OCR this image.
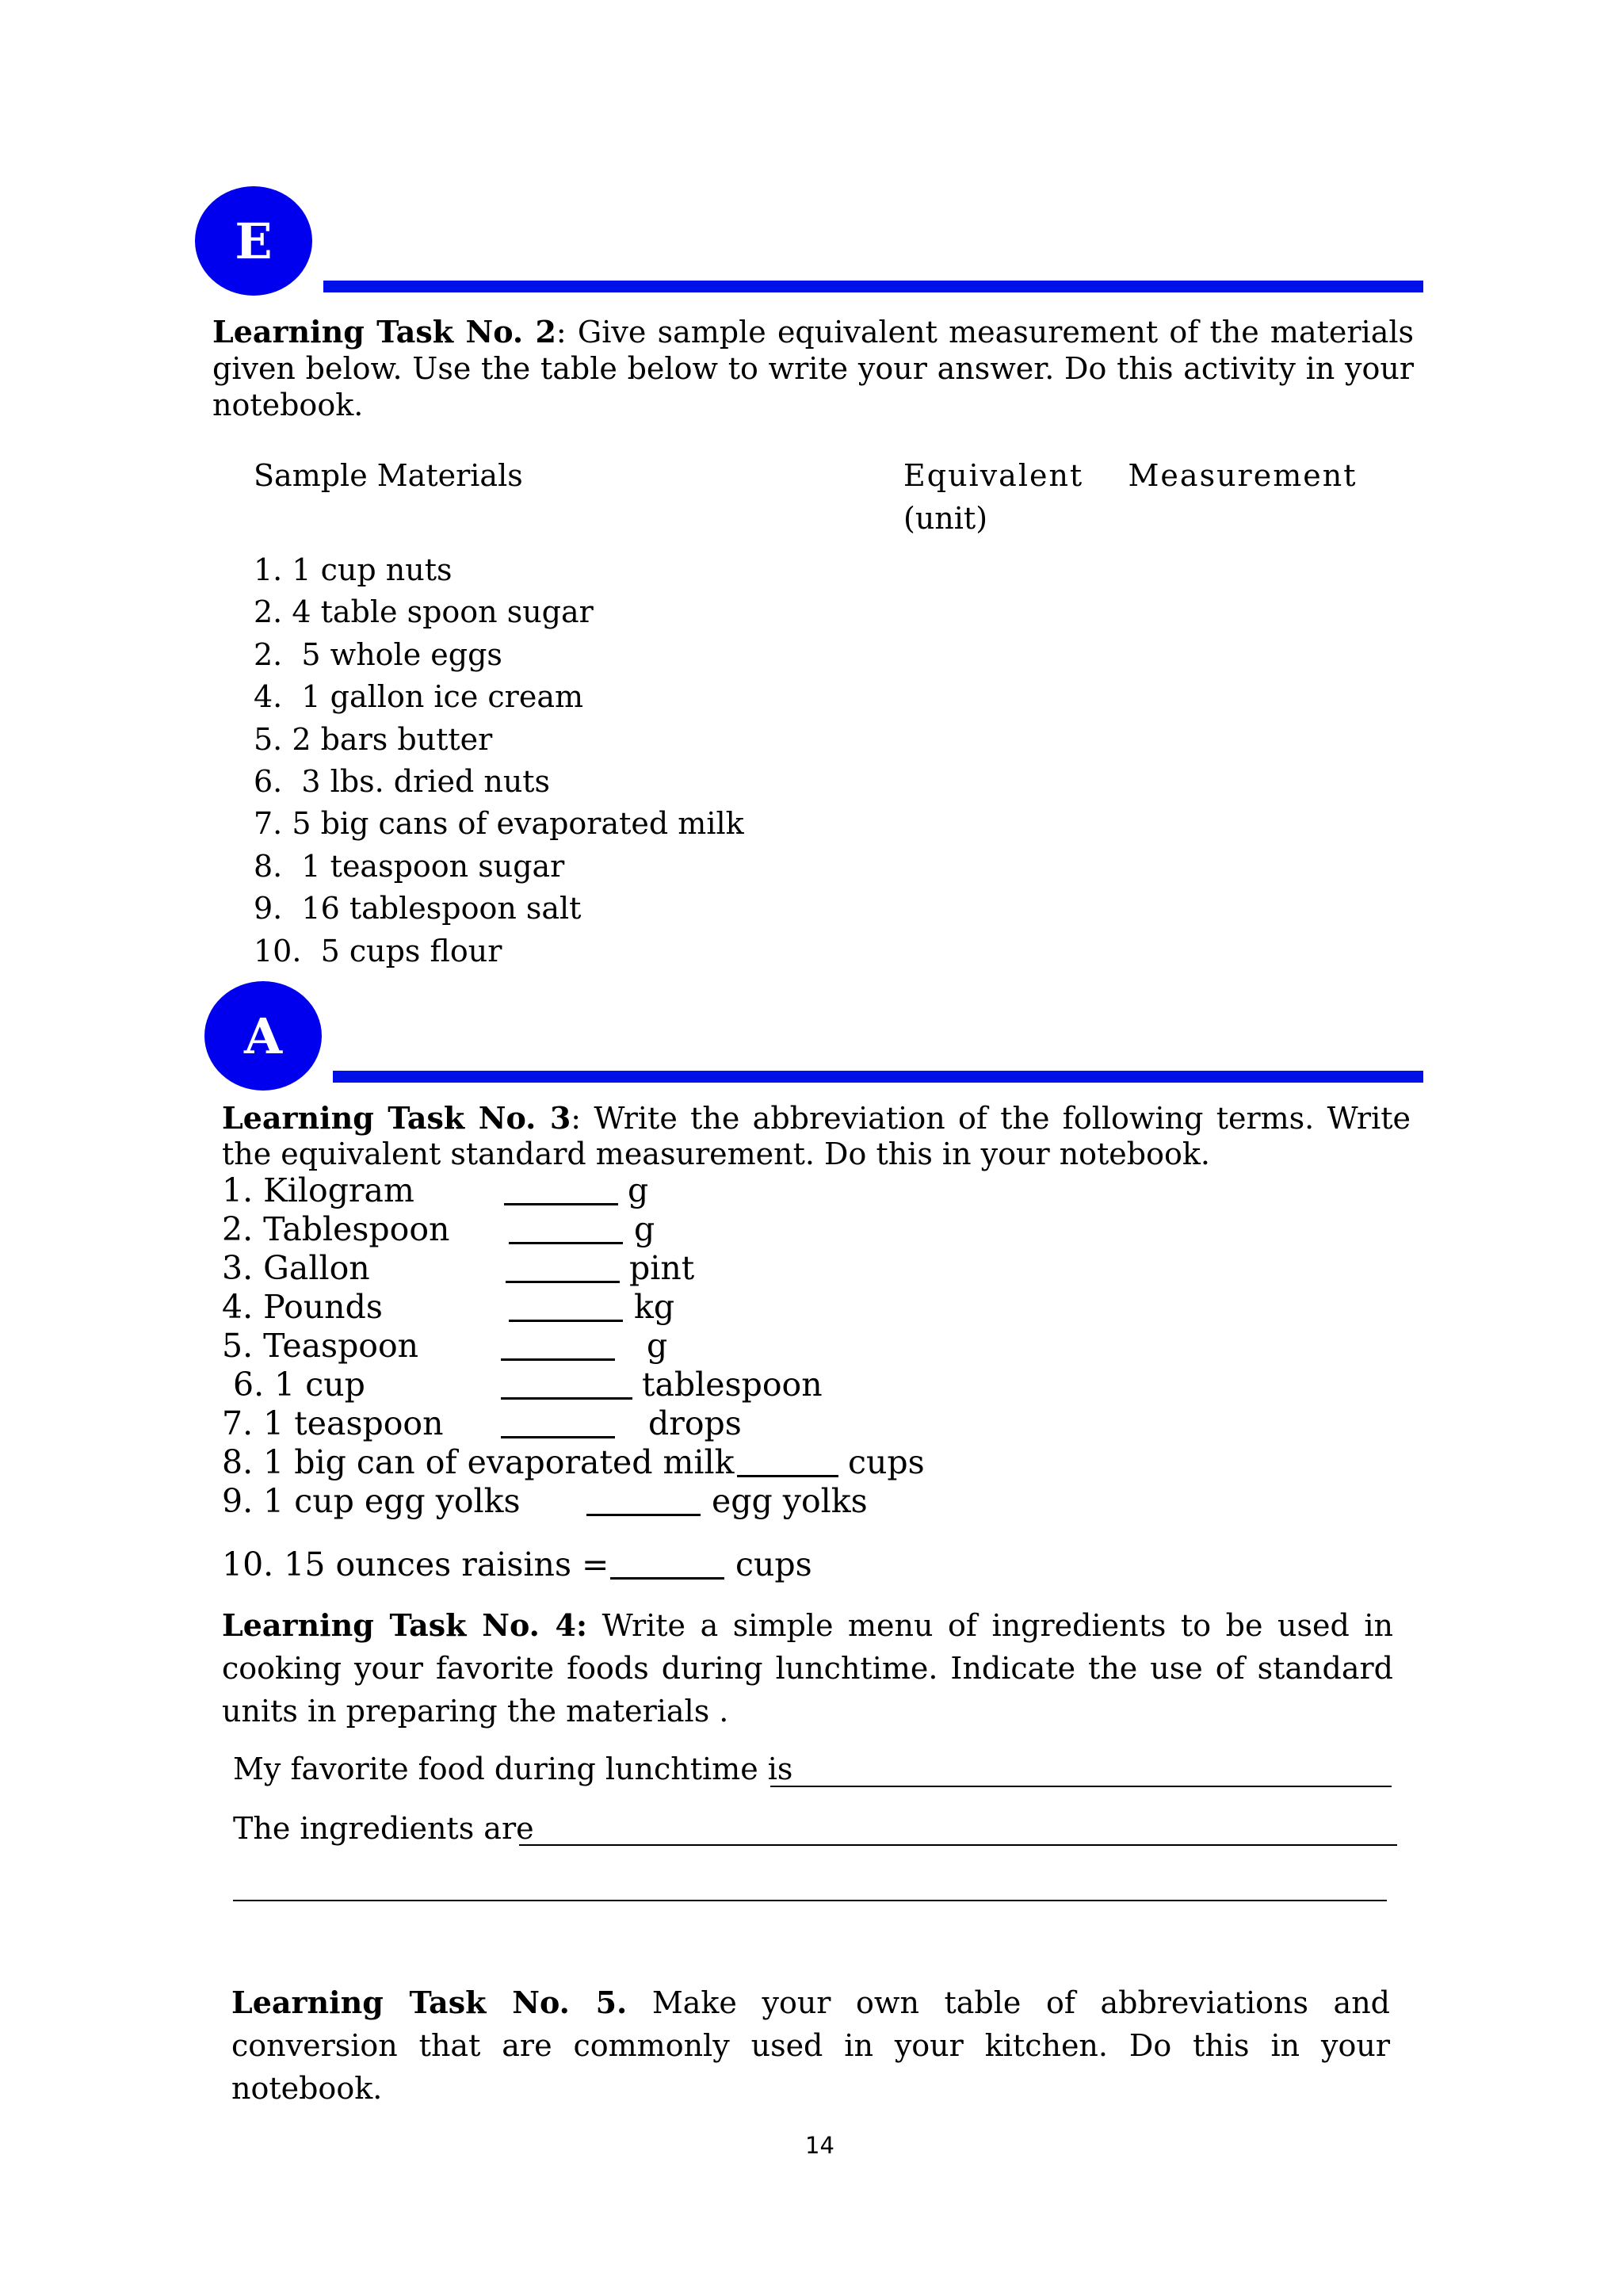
E
Learning Task No. 2: Give sample equivalent measurement of the materials given below. Use the table below to write your answer. Do this activity in your notebook.
Sample Materials	Equivalent    Measurement
(unit)
1. 1 cup nuts
2. 4 table spoon sugar
2.  5 whole eggs
4.  1 gallon ice cream
5. 2 bars butter
6.  3 lbs. dried nuts
7. 5 big cans of evaporated milk
8.  1 teaspoon sugar
9.  16 tablespoon salt
10.  5 cups flour
A
Learning Task No. 3: Write the abbreviation of the following terms. Write the equivalent standard measurement. Do this in your notebook.
1. Kilogram	g
2. Tablespoon	g
3. Gallon	pint
4. Pounds	kg
5. Teaspoon	g
6. 1 cup	tablespoon
7. 1 teaspoon	drops
8. 1 big can of evaporated milk	cups
9. 1 cup egg yolks	egg yolks
10. 15 ounces raisins =	cups
Learning Task No. 4: Write a simple menu of ingredients to be used in cooking your favorite foods during lunchtime. Indicate the use of standard units in preparing the materials .
My favorite food during lunchtime is
The ingredients are
Learning Task No. 5. Make your own table of abbreviations and conversion that are commonly used in your kitchen. Do this in your notebook.
14
